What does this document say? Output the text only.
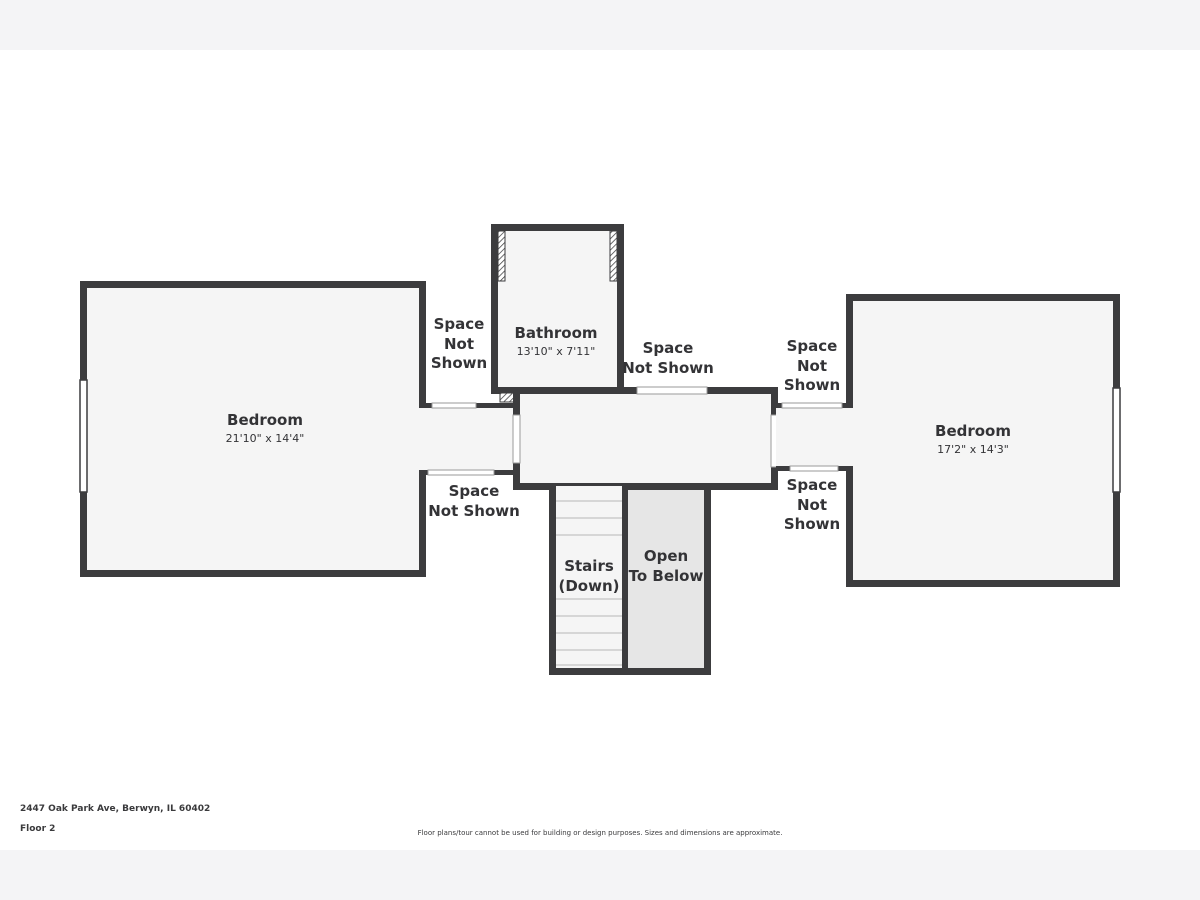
Bedroom
21'10" x 14'4"	Bedroom
17'2" x 14'3"
Bathroom
13'10" x 7'11"
Stairs
(Down)
Open
To Below
Space
Not
Shown
Space
Not Shown
Space
Not Shown
Space
Not
Shown
Space
Not
Shown
2447 Oak Park Ave, Berwyn, IL 60402
Floor 2	Floor plans/tour cannot be used for building or design purposes. Sizes and dimensions are approximate.
